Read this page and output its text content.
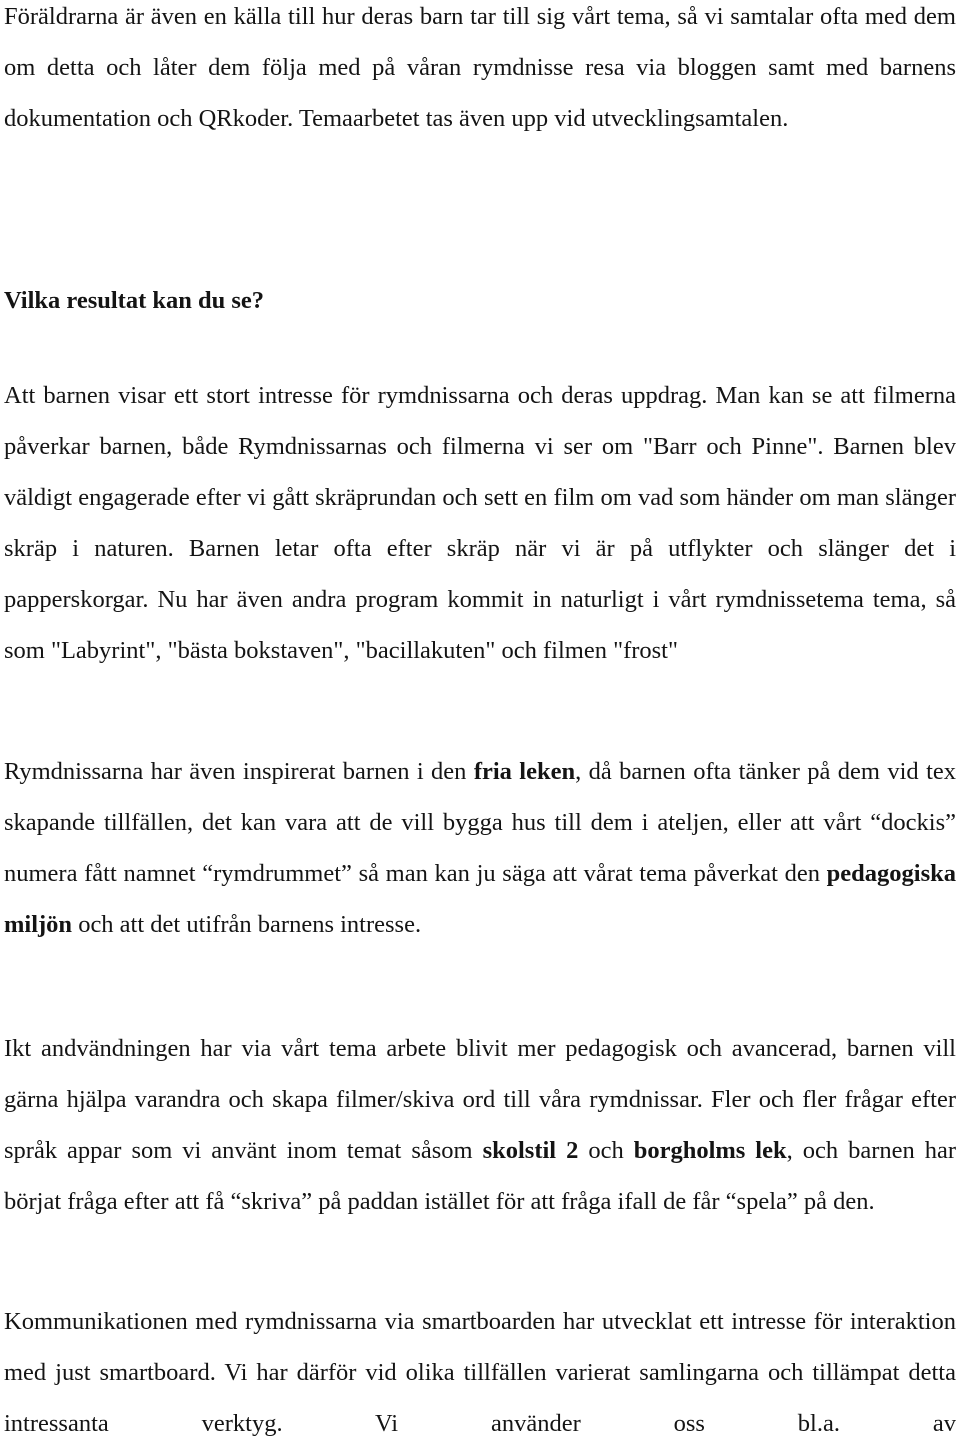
Föräldrarna är även en källa till hur deras barn tar till sig vårt tema, så vi samtalar ofta med dem om detta och låter dem följa med på våran rymdnisse resa via bloggen samt med barnens dokumentation och QRkoder. Temaarbetet tas även upp vid utvecklingsamtalen.

Vilka resultat kan du se?

Att barnen visar ett stort intresse för rymdnissarna och deras uppdrag. Man kan se att filmerna påverkar barnen, både Rymdnissarnas och filmerna vi ser om "Barr och Pinne". Barnen blev väldigt engagerade efter vi gått skräprundan och sett en film om vad som händer om man slänger skräp i naturen. Barnen letar ofta efter skräp när vi är på utflykter och slänger det i papperskorgar. Nu har även andra program kommit in naturligt i vårt rymdnissetema tema, så som "Labyrint", "bästa bokstaven", "bacillakuten" och filmen "frost"

Rymdnissarna har även inspirerat barnen i den fria leken, då barnen ofta tänker på dem vid tex skapande tillfällen, det kan vara att de vill bygga hus till dem i ateljen, eller att vårt “dockis” numera fått namnet “rymdrummet” så man kan ju säga att vårat tema påverkat den pedagogiska miljön och att det utifrån barnens intresse.

Ikt andvändningen har via vårt tema arbete blivit mer pedagogisk och avancerad, barnen vill gärna hjälpa varandra och skapa filmer/skiva ord till våra rymdnissar. Fler och fler frågar efter språk appar som vi använt inom temat såsom skolstil 2 och borgholms lek, och barnen har börjat fråga efter att få “skriva” på paddan istället för att fråga ifall de får “spela” på den.

Kommunikationen med rymdnissarna via smartboarden har utvecklat ett intresse för interaktion med just smartboard. Vi har därför vid olika tillfällen varierat samlingarna och tillämpat detta intressanta verktyg. Vi använder oss bl.a. av
